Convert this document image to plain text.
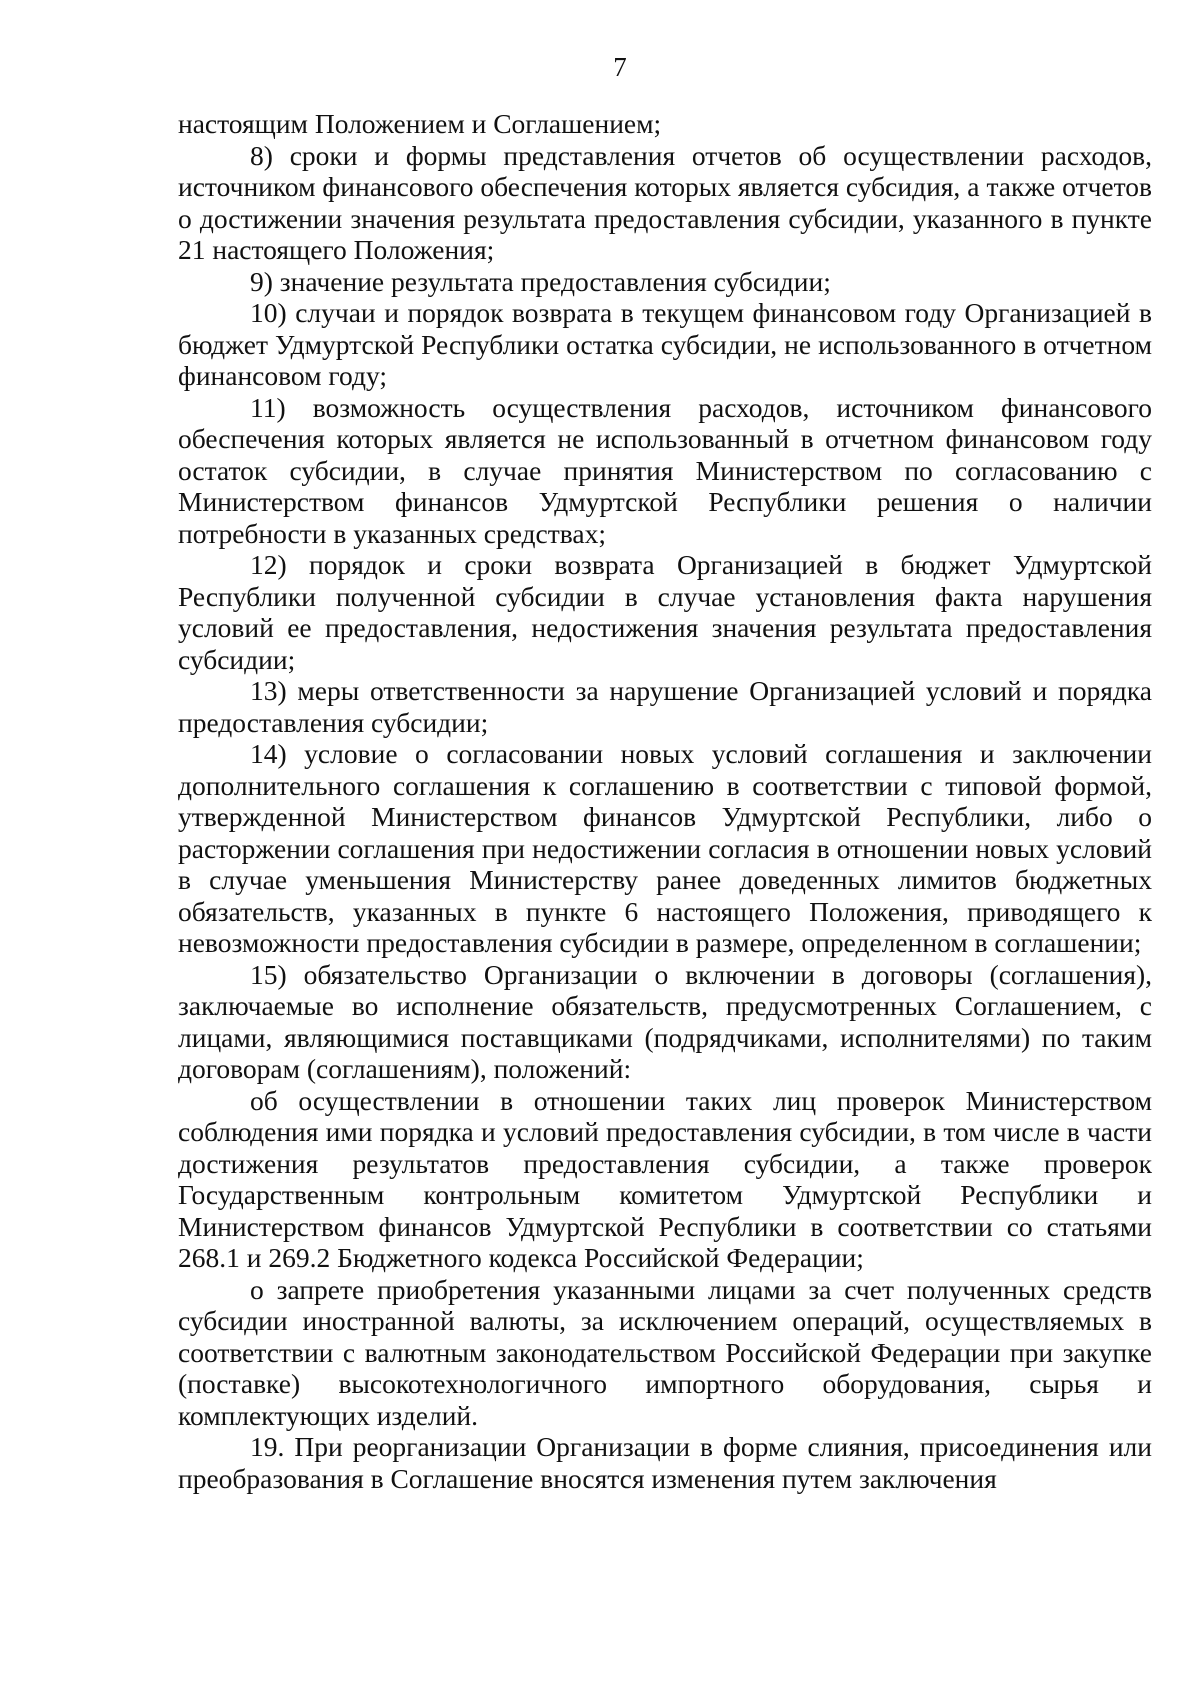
7

настоящим Положением и Соглашением;

8) сроки и формы представления отчетов об осуществлении расходов, источником финансового обеспечения которых является субсидия, а также отчетов о достижении значения результата предоставления субсидии, указанного в пункте 21 настоящего Положения;

9) значение результата предоставления субсидии;

10) случаи и порядок возврата в текущем финансовом году Организацией в бюджет Удмуртской Республики остатка субсидии, не использованного в отчетном финансовом году;

11) возможность осуществления расходов, источником финансового обеспечения которых является не использованный в отчетном финансовом году остаток субсидии, в случае принятия Министерством по согласованию с Министерством финансов Удмуртской Республики решения о наличии потребности в указанных средствах;

12) порядок и сроки возврата Организацией в бюджет Удмуртской Республики полученной субсидии в случае установления факта нарушения условий ее предоставления, недостижения значения результата предоставления субсидии;

13) меры ответственности за нарушение Организацией условий и порядка предоставления субсидии;

14) условие о согласовании новых условий соглашения и заключении дополнительного соглашения к соглашению в соответствии с типовой формой, утвержденной Министерством финансов Удмуртской Республики, либо о расторжении соглашения при недостижении согласия в отношении новых условий в случае уменьшения Министерству ранее доведенных лимитов бюджетных обязательств, указанных в пункте 6 настоящего Положения, приводящего к невозможности предоставления субсидии в размере, определенном в соглашении;

15) обязательство Организации о включении в договоры (соглашения), заключаемые во исполнение обязательств, предусмотренных Соглашением, с лицами, являющимися поставщиками (подрядчиками, исполнителями) по таким договорам (соглашениям), положений:

об осуществлении в отношении таких лиц проверок Министерством соблюдения ими порядка и условий предоставления субсидии, в том числе в части достижения результатов предоставления субсидии, а также проверок Государственным контрольным комитетом Удмуртской Республики и Министерством финансов Удмуртской Республики в соответствии со статьями 268.1 и 269.2 Бюджетного кодекса Российской Федерации;

о запрете приобретения указанными лицами за счет полученных средств субсидии иностранной валюты, за исключением операций, осуществляемых в соответствии с валютным законодательством Российской Федерации при закупке (поставке) высокотехнологичного импортного оборудования, сырья и комплектующих изделий.

19. При реорганизации Организации в форме слияния, присоединения или преобразования в Соглашение вносятся изменения путем заключения
